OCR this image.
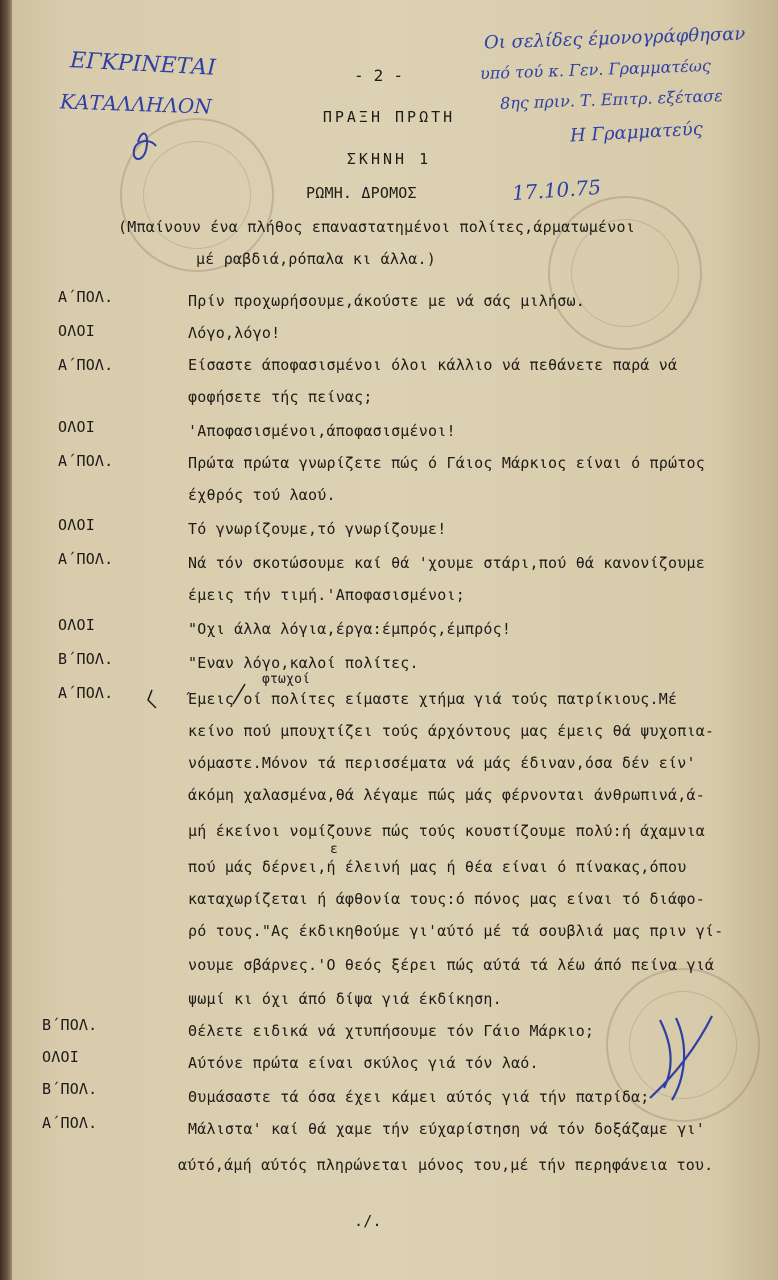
ΕΓΚΡΙΝΕΤΑΙ
ΚΑΤΑΛΛΗΛΟΝ
Οι σελίδες έμονογράφθησαν
υπό τού κ. Γεν. Γραμματέως
8ης πριν. Τ. Επιτρ. εξέτασε
Η Γραμματεύς
17.10.75
- 2 -
ΠΡΑΞΗ ΠΡΩΤΗ
ΣΚΗΝΗ 1
ΡΩΜΗ. ΔΡΟΜΟΣ
(Μπαίνουν ένα πλήθος επαναστατημένοι πολίτες,άρματωμένοι
μέ ραβδιά,ρόπαλα κι άλλα.)
Α΄ΠΟΛ.	Πρίν προχωρήσουμε,άκούστε με νά σάς μιλήσω.
ΟΛΟΙ	Λόγο,λόγο!
Α΄ΠΟΛ.	Είσαστε άποφασισμένοι όλοι κάλλιο νά πεθάνετε παρά νά
φοφήσετε τής πείνας;
ΟΛΟΙ	'Αποφασισμένοι,άποφασισμένοι!
Α΄ΠΟΛ.	Πρώτα πρώτα γνωρίζετε πώς ό Γάιος Μάρκιος είναι ό πρώτος
έχθρός τού λαού.
ΟΛΟΙ	Τό γνωρίζουμε,τό γνωρίζουμε!
Α΄ΠΟΛ.	Νά τόν σκοτώσουμε καί θά 'χουμε στάρι,πού θά κανονίζουμε
έμεις τήν τιμή.'Αποφασισμένοι;
ΟΛΟΙ	"Οχι άλλα λόγια,έργα:έμπρός,έμπρός!
Β΄ΠΟΛ.	"Εναν λόγο,καλοί πολίτες.
φτωχοί
Α΄ΠΟΛ.	Έμεις οί πολίτες είμαστε χτήμα γιά τούς πατρίκιους.Μέ
κείνο πού μπουχτίζει τούς άρχόντους μας έμεις θά ψυχοπια-
νόμαστε.Μόνον τά περισσέματα νά μάς έδιναν,όσα δέν είν'
άκόμη χαλασμένα,θά λέγαμε πώς μάς φέρνονται άνθρωπινά,ά-
μή έκείνοι νομίζουνε πώς τούς κουστίζουμε πολύ:ή άχαμνια
ε
πού μάς δέρνει,ή έλεινή μας ή θέα είναι ό πίνακας,όπου
καταχωρίζεται ή άφθονία τους:ό πόνος μας είναι τό διάφο-
ρό τους."Ας έκδικηθούμε γι'αύτό μέ τά σουβλιά μας πριν γί-
νουμε σβάρνες.'Ο θεός ξέρει πώς αύτά τά λέω άπό πείνα γιά
ψωμί κι όχι άπό δίψα γιά έκδίκηση.
Β΄ΠΟΛ.	Θέλετε ειδικά νά χτυπήσουμε τόν Γάιο Μάρκιο;
ΟΛΟΙ	Αύτόνε πρώτα είναι σκύλος γιά τόν λαό.
Β΄ΠΟΛ.	Θυμάσαστε τά όσα έχει κάμει αύτός γιά τήν πατρίδα;
Α΄ΠΟΛ.	Μάλιστα' καί θά χαμε τήν εύχαρίστηση νά τόν δοξάζαμε γι'
αύτό,άμή αύτός πληρώνεται μόνος του,μέ τήν περηφάνεια του.
./.
